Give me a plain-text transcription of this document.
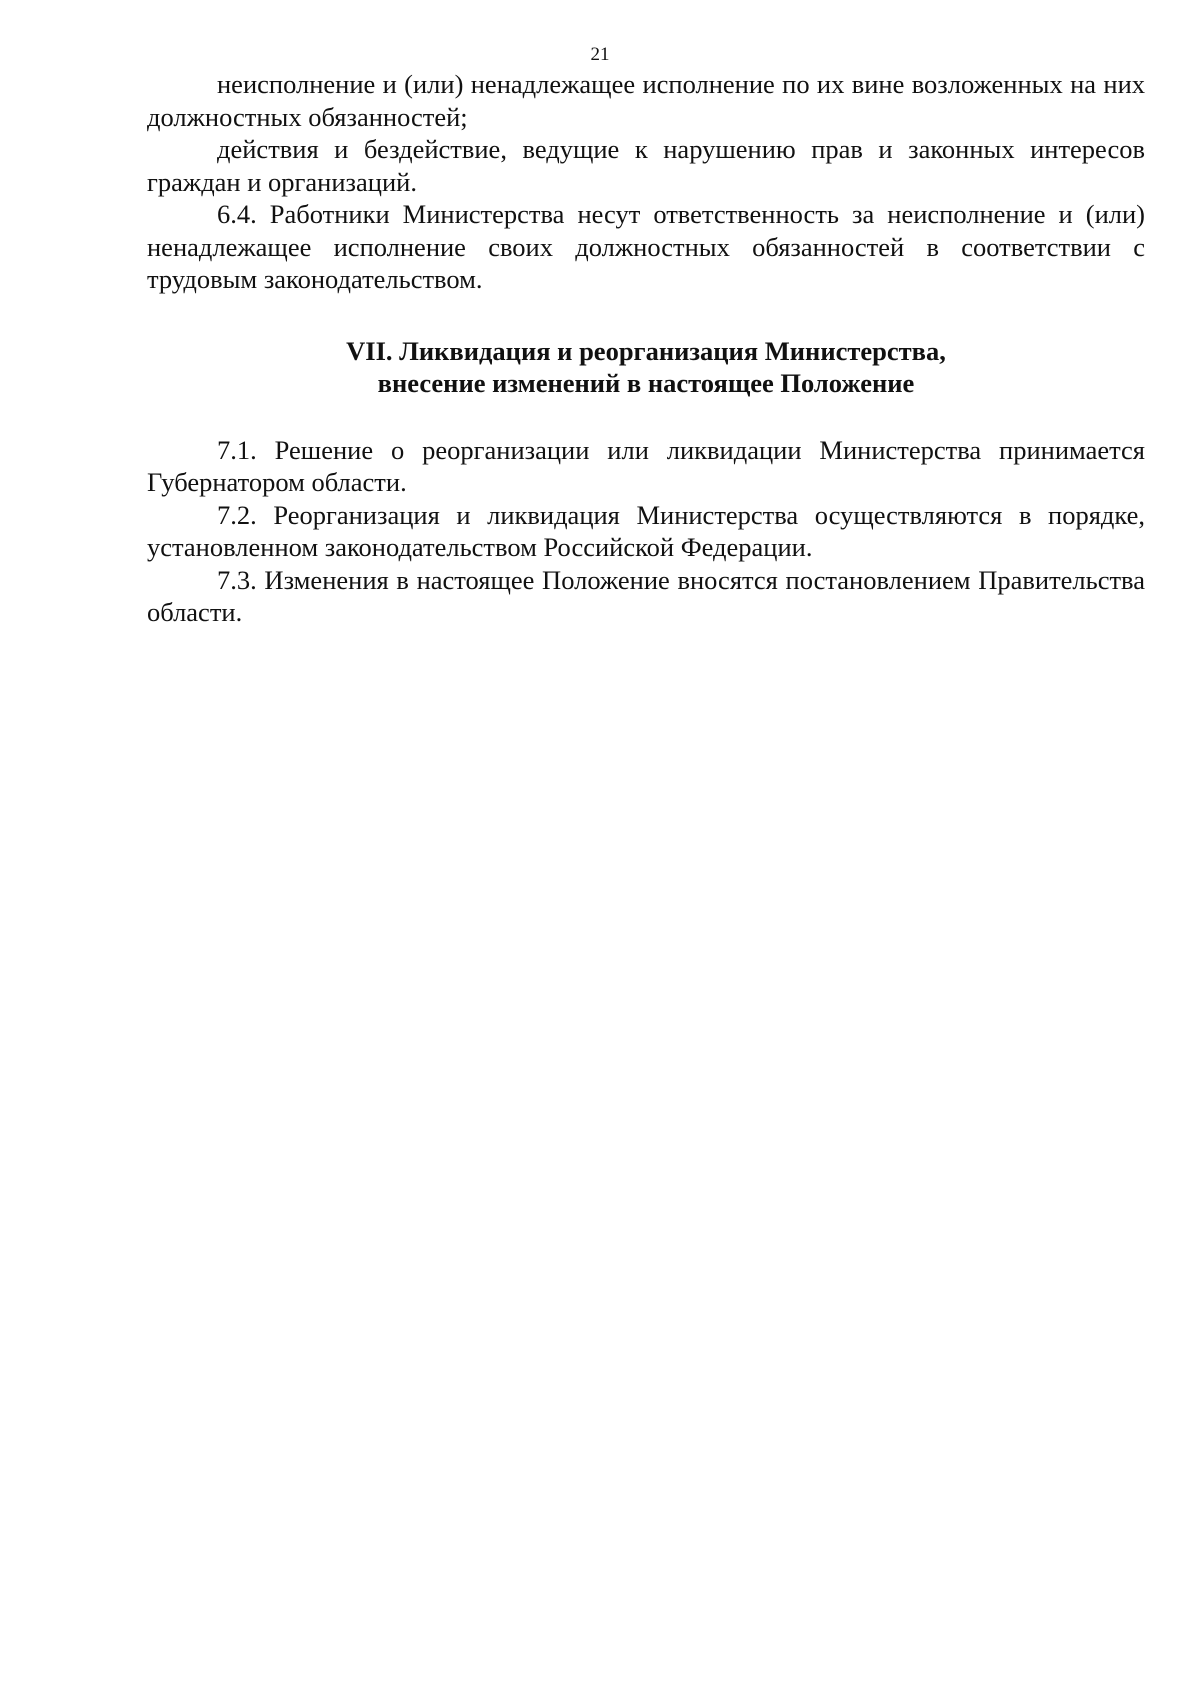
21

неисполнение и (или) ненадлежащее исполнение по их вине возложенных на них должностных обязанностей;

действия и бездействие, ведущие к нарушению прав и законных интересов граждан и организаций.

6.4. Работники Министерства несут ответственность за неисполнение и (или) ненадлежащее исполнение своих должностных обязанностей в соответствии с трудовым законодательством.

VII. Ликвидация и реорганизация Министерства,
внесение изменений в настоящее Положение

7.1. Решение о реорганизации или ликвидации Министерства принимается Губернатором области.

7.2. Реорганизация и ликвидация Министерства осуществляются в порядке, установленном законодательством Российской Федерации.

7.3. Изменения в настоящее Положение вносятся постановлением Правительства области.
